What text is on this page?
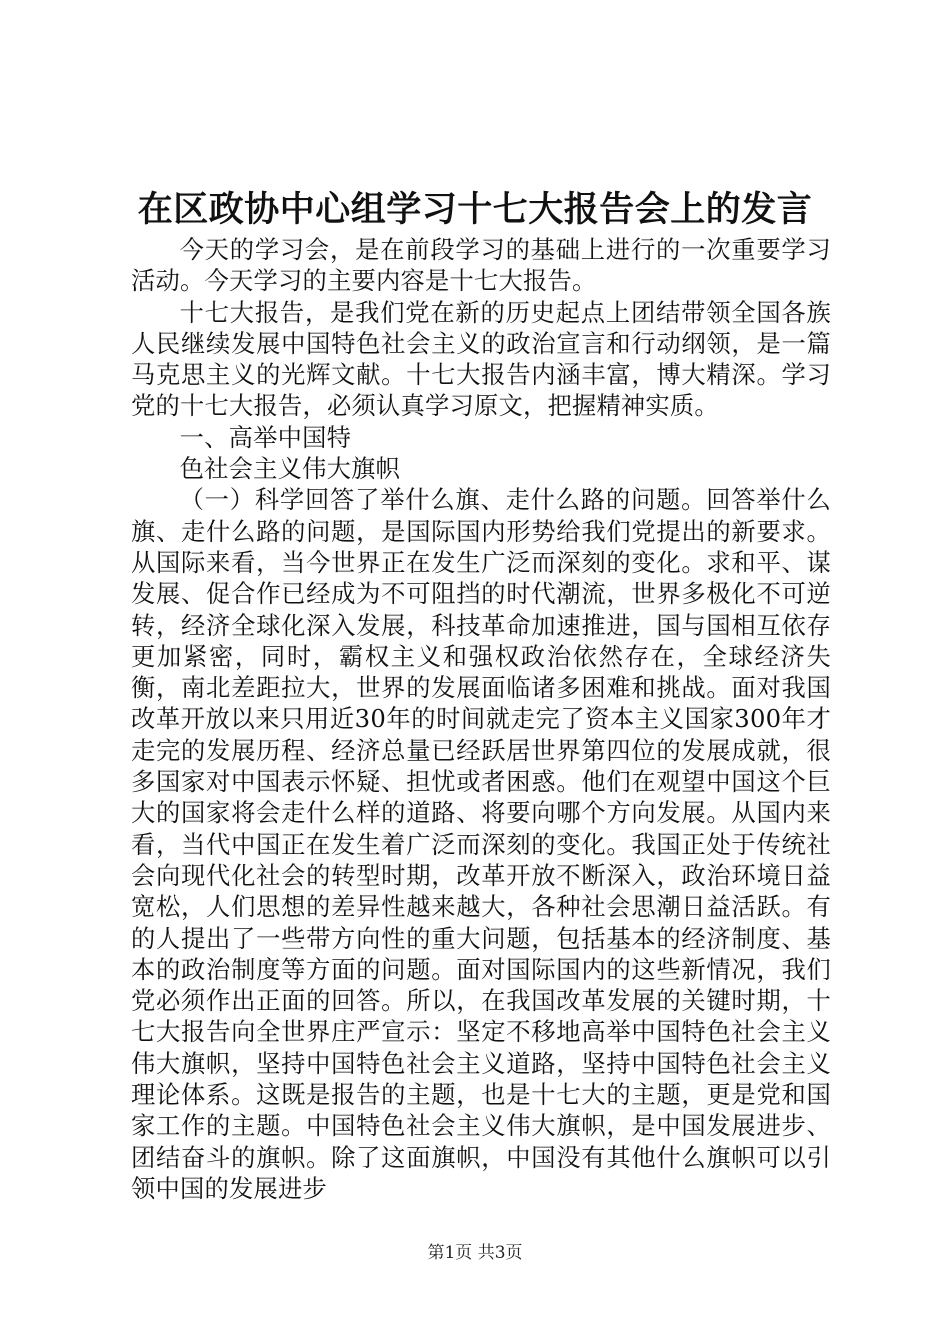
在区政协中心组学习十七大报告会上的发言

今天的学习会，是在前段学习的基础上进行的一次重要学习活动。今天学习的主要内容是十七大报告。

十七大报告，是我们党在新的历史起点上团结带领全国各族人民继续发展中国特色社会主义的政治宣言和行动纲领，是一篇马克思主义的光辉文献。十七大报告内涵丰富，博大精深。学习党的十七大报告，必须认真学习原文，把握精神实质。

一、高举中国特

色社会主义伟大旗帜

（一）科学回答了举什么旗、走什么路的问题。回答举什么旗、走什么路的问题，是国际国内形势给我们党提出的新要求。从国际来看，当今世界正在发生广泛而深刻的变化。求和平、谋发展、促合作已经成为不可阻挡的时代潮流，世界多极化不可逆转，经济全球化深入发展，科技革命加速推进，国与国相互依存更加紧密，同时，霸权主义和强权政治依然存在，全球经济失衡，南北差距拉大，世界的发展面临诸多困难和挑战。面对我国改革开放以来只用近30年的时间就走完了资本主义国家300年才走完的发展历程、经济总量已经跃居世界第四位的发展成就，很多国家对中国表示怀疑、担忧或者困惑。他们在观望中国这个巨大的国家将会走什么样的道路、将要向哪个方向发展。从国内来看，当代中国正在发生着广泛而深刻的变化。我国正处于传统社会向现代化社会的转型时期，改革开放不断深入，政治环境日益宽松，人们思想的差异性越来越大，各种社会思潮日益活跃。有的人提出了一些带方向性的重大问题，包括基本的经济制度、基本的政治制度等方面的问题。面对国际国内的这些新情况，我们党必须作出正面的回答。所以，在我国改革发展的关键时期，十七大报告向全世界庄严宣示：坚定不移地高举中国特色社会主义伟大旗帜，坚持中国特色社会主义道路，坚持中国特色社会主义理论体系。这既是报告的主题，也是十七大的主题，更是党和国家工作的主题。中国特色社会主义伟大旗帜，是中国发展进步、团结奋斗的旗帜。除了这面旗帜，中国没有其他什么旗帜可以引领中国的发展进步

第1页 共3页
